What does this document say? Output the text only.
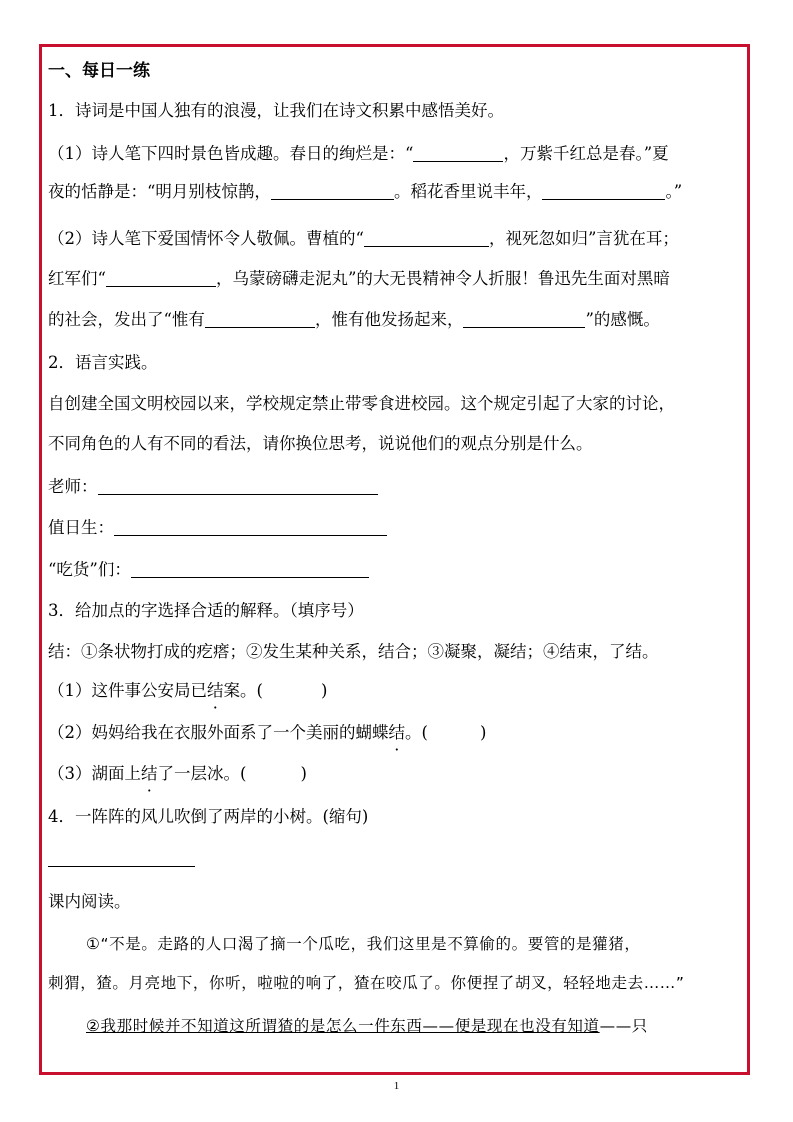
一、每日一练
1．诗词是中国人独有的浪漫，让我们在诗文积累中感悟美好。
（1）诗人笔下四时景色皆成趣。春日的绚烂是：“	，万紫千红总是春。”夏
夜的恬静是：“明月别枝惊鹊，	。稻花香里说丰年，	。”
（2）诗人笔下爱国情怀令人敬佩。曹植的“	，视死忽如归”言犹在耳；
红军们“	，乌蒙磅礴走泥丸”的大无畏精神令人折服！鲁迅先生面对黑暗
的社会，发出了“惟有	，惟有他发扬起来，	”的感慨。
2．语言实践。
自创建全国文明校园以来，学校规定禁止带零食进校园。这个规定引起了大家的讨论，
不同角色的人有不同的看法，请你换位思考，说说他们的观点分别是什么。
老师：
值日生：
“吃货”们：
3．给加点的字选择合适的解释。（填序号）
结：①条状物打成的疙瘩；②发生某种关系，结合；③凝聚，凝结；④结束，了结。
（1）这件事公安局已结案。(	)
（2）妈妈给我在衣服外面系了一个美丽的蝴蝶结。(	)
（3）湖面上结了一层冰。(	)
4．一阵阵的风儿吹倒了两岸的小树。(缩句)
课内阅读。
①“不是。走路的人口渴了摘一个瓜吃，我们这里是不算偷的。要管的是獾猪，
刺猬，猹。月亮地下，你听，啦啦的响了，猹在咬瓜了。你便捏了胡叉，轻轻地走去……”
②我那时候并不知道这所谓猹的是怎么一件东西——便是现在也没有知道——只
1
